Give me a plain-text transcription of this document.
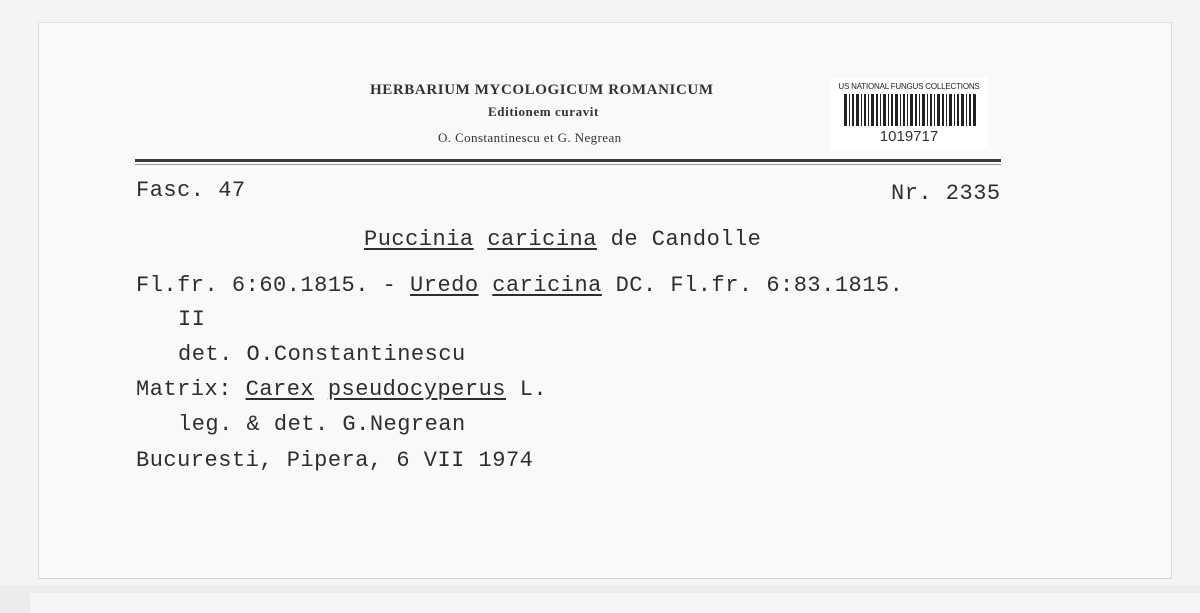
HERBARIUM MYCOLOGICUM ROMANICUM
Editionem curavit
O. Constantinescu et G. Negrean
US NATIONAL FUNGUS COLLECTIONS
1019717
Fasc. 47	Nr. 2335
Puccinia caricina de Candolle
Fl.fr. 6:60.1815. - Uredo caricina DC. Fl.fr. 6:83.1815.
II
det. O.Constantinescu
Matrix: Carex pseudocyperus L.
leg. & det. G.Negrean
Bucuresti, Pipera, 6 VII 1974
